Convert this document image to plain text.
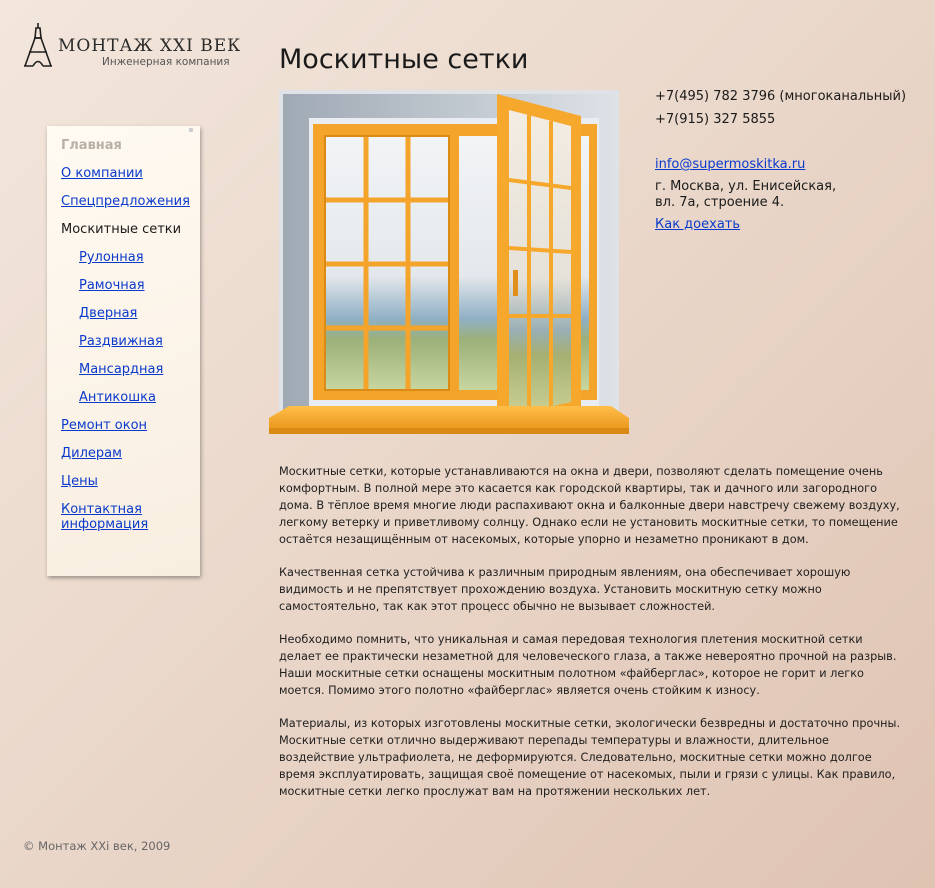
МОНТАЖ XXI ВЕК
Инженерная компания Москитные сетки
Главная
О компании
Спецпредложения
Москитные сетки
Рулонная
Рамочная
Дверная
Раздвижная
Мансардная
Антикошка
Ремонт окон
Дилерам
Цены
Контактная
информация
+7(495) 782 3796 (многоканальный)
+7(915) 327 5855
info@supermoskitka.ru
г. Москва, ул. Енисейская,
вл. 7а, строение 4.
Как доехать

Москитные сетки, которые устанавливаются на окна и двери, позволяют сделать помещение очень комфортным. В полной мере это касается как городской квартиры, так и дачного или загородного дома. В тёплое время многие люди распахивают окна и балконные двери навстречу свежему воздуху, легкому ветерку и приветливому солнцу. Однако если не установить москитные сетки, то помещение остаётся незащищённым от насекомых, которые упорно и незаметно проникают в дом.

Качественная сетка устойчива к различным природным явлениям, она обеспечивает хорошую видимость и не препятствует прохождению воздуха. Установить москитную сетку можно самостоятельно, так как этот процесс обычно не вызывает сложностей.

Необходимо помнить, что уникальная и самая передовая технология плетения москитной сетки делает ее практически незаметной для человеческого глаза, а также невероятно прочной на разрыв. Наши москитные сетки оснащены москитным полотном «файберглас», которое не горит и легко моется. Помимо этого полотно «файберглас» является очень стойким к износу.

Материалы, из которых изготовлены москитные сетки, экологически безвредны и достаточно прочны. Москитные сетки отлично выдерживают перепады температуры и влажности, длительное воздействие ультрафиолета, не деформируются. Следовательно, москитные сетки можно долгое время эксплуатировать, защищая своё помещение от насекомых, пыли и грязи с улицы. Как правило, москитные сетки легко прослужат вам на протяжении нескольких лет.

© Монтаж XXi век, 2009
